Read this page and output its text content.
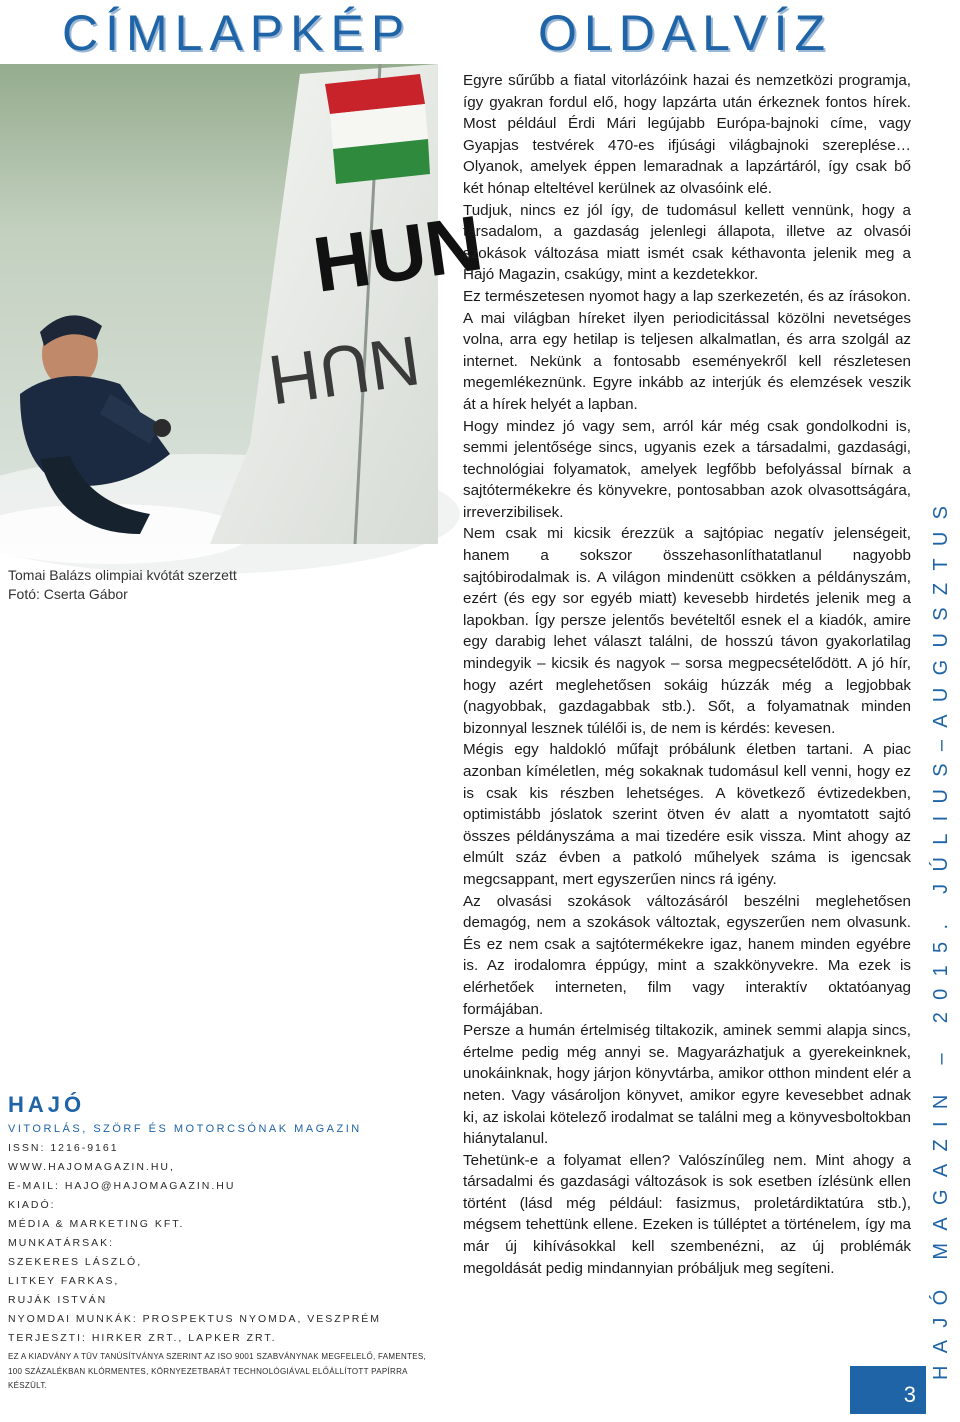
CÍMLAPKÉP	OLDALVÍZ
HUN
NUH
Tomai Balázs olimpiai kvótát szerzett
Fotó: Cserta Gábor
HAJÓ
VITORLÁS, SZÖRF ÉS MOTORCSÓNAK MAGAZIN
ISSN: 1216-9161
WWW.HAJOMAGAZIN.HU,
E-MAIL: HAJO@HAJOMAGAZIN.HU
KIADÓ:
MÉDIA & MARKETING KFT.
MUNKATÁRSAK:
SZEKERES LÁSZLÓ,
LITKEY FARKAS,
RUJÁK ISTVÁN
NYOMDAI MUNKÁK: PROSPEKTUS NYOMDA, VESZPRÉM
TERJESZTI: HIRKER ZRT., LAPKER ZRT.
EZ A KIADVÁNY A TÜV TANÚSÍTVÁNYA SZERINT AZ ISO 9001 SZABVÁNYNAK MEGFELELŐ, FAMENTES, 100 SZÁZALÉKBAN KLÓRMENTES, KÖRNYEZETBARÁT TECHNOLÓGIÁVAL ELŐÁLLÍTOTT PAPÍRRA KÉSZÜLT.

Egyre sűrűbb a fiatal vitorlázóink hazai és nemzetközi programja, így gyakran fordul elő, hogy lapzárta után érkeznek fontos hírek. Most például Érdi Mári legújabb Európa-bajnoki címe, vagy Gyapjas testvérek 470-es ifjúsági világbajnoki szereplése… Olyanok, amelyek éppen lemaradnak a lapzártáról, így csak bő két hónap elteltével kerülnek az olvasóink elé.

Tudjuk, nincs ez jól így, de tudomásul kellett vennünk, hogy a társadalom, a gazdaság jelenlegi állapota, illetve az olvasói szokások változása miatt ismét csak kéthavonta jelenik meg a Hajó Magazin, csakúgy, mint a kezdetekkor.

Ez természetesen nyomot hagy a lap szerkezetén, és az írásokon. A mai világban híreket ilyen periodicitással közölni nevetséges volna, arra egy hetilap is teljesen alkalmatlan, és arra szolgál az internet. Nekünk a fontosabb eseményekről kell részletesen megemlékeznünk. Egyre inkább az interjúk és elemzések veszik át a hírek helyét a lapban.

Hogy mindez jó vagy sem, arról kár még csak gondolkodni is, semmi jelentősége sincs, ugyanis ezek a társadalmi, gazdasági, technológiai folyamatok, amelyek legfőbb befolyással bírnak a sajtótermékekre és könyvekre, pontosabban azok olvasottságára, irreverzibilisek.

Nem csak mi kicsik érezzük a sajtópiac negatív jelenségeit, hanem a sokszor összehasonlíthatatlanul nagyobb sajtóbirodalmak is. A világon mindenütt csökken a példányszám, ezért (és egy sor egyéb miatt) kevesebb hirdetés jelenik meg a lapokban. Így persze jelentős bevételtől esnek el a kiadók, amire egy darabig lehet választ találni, de hosszú távon gyakorlatilag mindegyik – kicsik és nagyok – sorsa megpecsételődött. A jó hír, hogy azért meglehetősen sokáig húzzák még a legjobbak (nagyobbak, gazdagabbak stb.). Sőt, a folyamatnak minden bizonnyal lesznek túlélői is, de nem is kérdés: kevesen.

Mégis egy haldokló műfajt próbálunk életben tartani. A piac azonban kíméletlen, még sokaknak tudomásul kell venni, hogy ez is csak kis részben lehetséges. A következő évtizedekben, optimistább jóslatok szerint ötven év alatt a nyomtatott sajtó összes példányszáma a mai tizedére esik vissza. Mint ahogy az elmúlt száz évben a patkoló műhelyek száma is igencsak megcsappant, mert egyszerűen nincs rá igény.

Az olvasási szokások változásáról beszélni meglehetősen demagóg, nem a szokások változtak, egyszerűen nem olvasunk. És ez nem csak a sajtótermékekre igaz, hanem minden egyébre is. Az irodalomra éppúgy, mint a szakkönyvekre. Ma ezek is elérhetőek interneten, film vagy interaktív oktatóanyag formájában.

Persze a humán értelmiség tiltakozik, aminek semmi alapja sincs, értelme pedig még annyi se. Magyarázhatjuk a gyerekeinknek, unokáinknak, hogy járjon könyvtárba, amikor otthon mindent elér a neten. Vagy vásároljon könyvet, amikor egyre kevesebbet adnak ki, az iskolai kötelező irodalmat se találni meg a könyvesboltokban hiánytalanul.

Tehetünk-e a folyamat ellen? Valószínűleg nem. Mint ahogy a társadalmi és gazdasági változások is sok esetben ízlésünk ellen történt (lásd még például: fasizmus, proletárdiktatúra stb.), mégsem tehettünk ellene. Ezeken is túlléptet a történelem, így ma már új kihívásokkal kell szembenézni, az új problémák megoldását pedig mindannyian próbáljuk meg segíteni.	HAJÓ MAGAZIN – 2015. JÚLIUS–AUGUSZTUS
3
